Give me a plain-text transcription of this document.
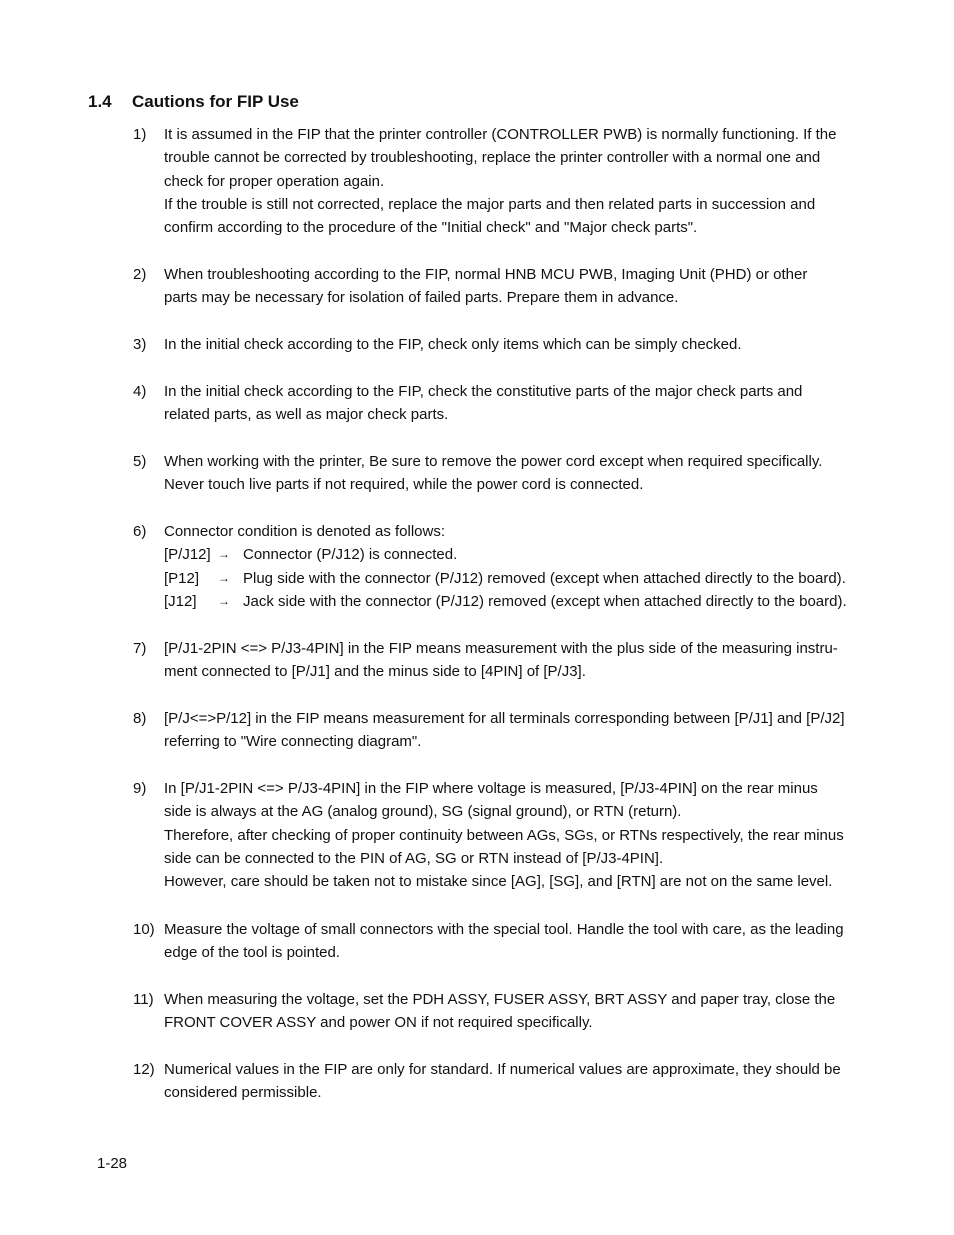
1.4 Cautions for FIP Use
1) It is assumed in the FIP that the printer controller (CONTROLLER PWB) is normally functioning. If the
trouble cannot be corrected by troubleshooting, replace the printer controller with a normal one and
check for proper operation again.
If the trouble is still not corrected, replace the major parts and then related parts in succession and
confirm according to the procedure of the "Initial check" and "Major check parts".
2) When troubleshooting according to the FIP, normal HNB MCU PWB, Imaging Unit (PHD) or other
parts may be necessary for isolation of failed parts. Prepare them in advance.
3) In the initial check according to the FIP, check only items which can be simply checked.
4) In the initial check according to the FIP, check the constitutive parts of the major check parts and
related parts, as well as major check parts.
5) When working with the printer, Be sure to remove the power cord except when required specifically.
Never touch live parts if not required, while the power cord is connected.
6) Connector condition is denoted as follows:
[P/J12] → Connector (P/J12) is connected.
[P12]	→ Plug side with the connector (P/J12) removed (except when attached directly to the board).
[J12]	→ Jack side with the connector (P/J12) removed (except when attached directly to the board).
7) [P/J1-2PIN <=> P/J3-4PIN] in the FIP means measurement with the plus side of the measuring instru-
ment connected to [P/J1] and the minus side to [4PIN] of [P/J3].
8) [P/J<=>P/12] in the FIP means measurement for all terminals corresponding between [P/J1] and [P/J2]
referring to "Wire connecting diagram".
9) In [P/J1-2PIN <=> P/J3-4PIN] in the FIP where voltage is measured, [P/J3-4PIN] on the rear minus
side is always at the AG (analog ground), SG (signal ground), or RTN (return).
Therefore, after checking of proper continuity between AGs, SGs, or RTNs respectively, the rear minus
side can be connected to the PIN of AG, SG or RTN instead of [P/J3-4PIN].
However, care should be taken not to mistake since [AG], [SG], and [RTN] are not on the same level.
10) Measure the voltage of small connectors with the special tool. Handle the tool with care, as the leading
edge of the tool is pointed.
11) When measuring the voltage, set the PDH ASSY, FUSER ASSY, BRT ASSY and paper tray, close the
FRONT COVER ASSY and power ON if not required specifically.
12) Numerical values in the FIP are only for standard. If numerical values are approximate, they should be
considered permissible.
1-28
